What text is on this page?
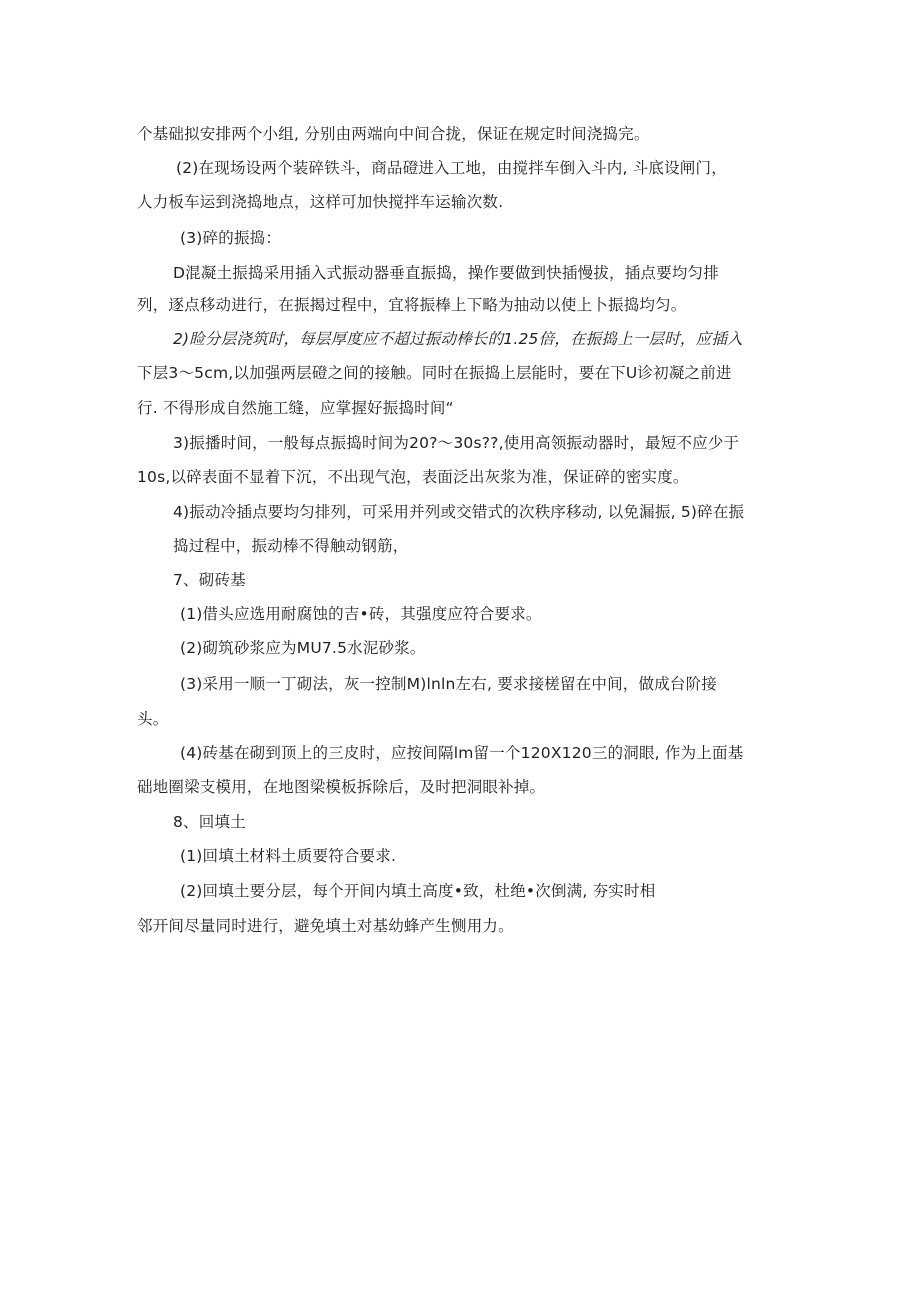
个基础拟安排两个小组, 分别由两端向中间合拢，保证在规定时间浇捣完。
(2)在现场设两个装碎铁斗，商品磴进入工地，由搅拌车倒入斗内, 斗底设闸门，
人力板车运到浇捣地点，这样可加快搅拌车运输次数.
(3)碎的振捣：
D混凝土振捣采用插入式振动器垂直振捣，操作要做到快插慢拔，插点要均匀排
列，逐点移动进行，在振揭过程中，宜将振棒上下略为抽动以使上卜振捣均匀。
2)睑分层浇筑时，每层厚度应不超过振动棒长的1.25倍，在振捣上一层时，应插入
下层3〜5cm,以加强两层磴之间的接触。同时在振捣上层能时，要在下U诊初凝之前进
行. 不得形成自然施工缝，应掌握好振捣时间“
3)振播时间，一般每点振捣时间为20?〜30s??,使用高领振动器时，最短不应少于
10s,以碎表面不显着下沉，不出现气泡，表面泛出灰浆为准，保证碎的密实度。
4)振动冷插点要均匀排列，可采用并列或交错式的次秩序移动, 以免漏振, 5)碎在振
捣过程中，振动棒不得触动钢筋，
7、砌砖基
(1)借头应选用耐腐蚀的吉•砖，其强度应符合要求。
(2)砌筑砂浆应为MU7.5水泥砂浆。
(3)采用一顺一丁砌法，灰一控制M)lnln左右, 要求接槎留在中间，做成台阶接
头。
(4)砖基在砌到顶上的三皮时，应按间隔lm留一个120X120三的洞眼, 作为上面基
础地圈梁支模用，在地图梁模板拆除后，及时把洞眼补掉。
8、回填土
(1)回填土材料土质要符合要求.
(2)回填土要分层，每个开间内填土高度•致，杜绝•次倒满, 夯实时相
邻开间尽量同时进行，避免填土对基幼蜂产生恻用力。
